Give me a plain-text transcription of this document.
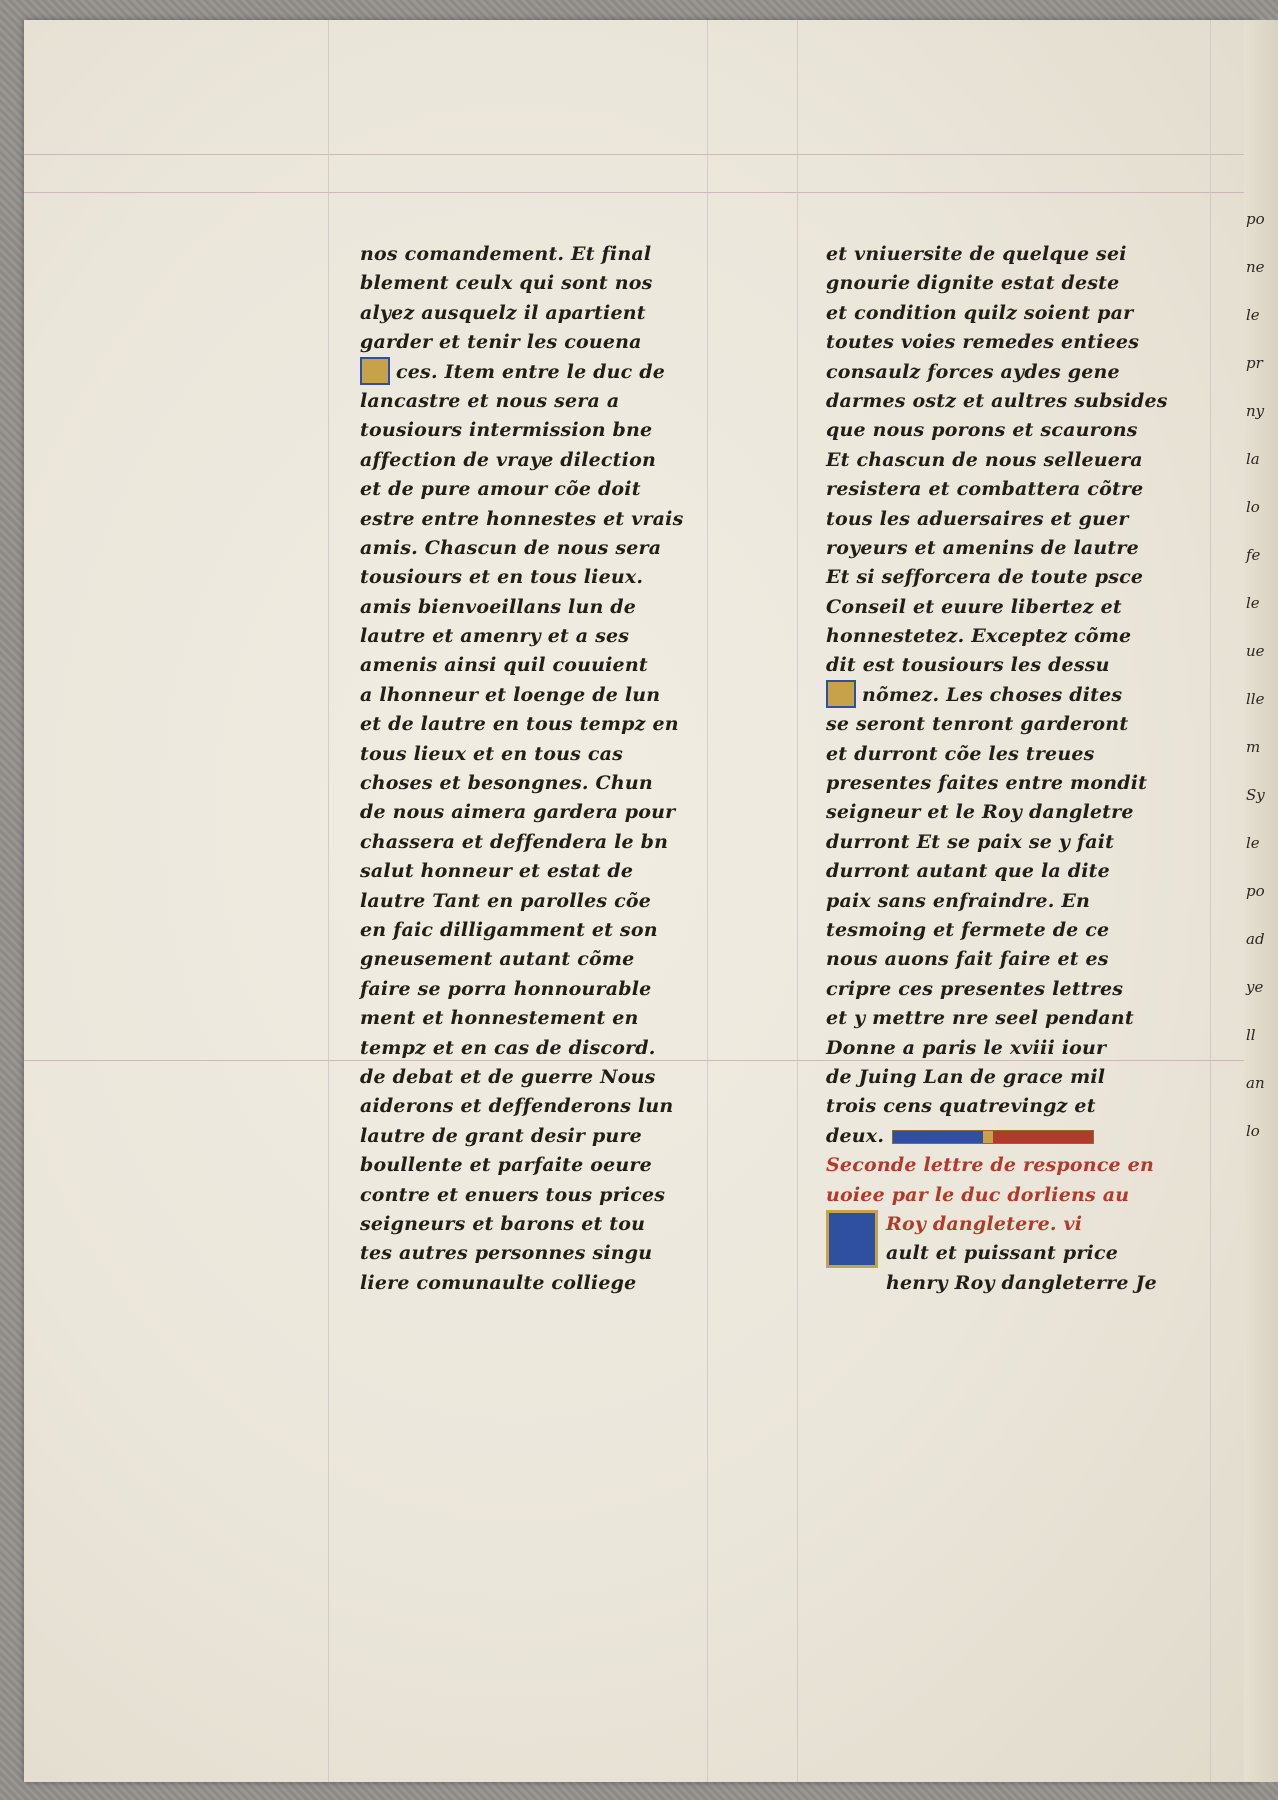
po
ne
le
pr
ny
la
lo
fe
le
ue
lle
m
Sy
le
po
ad
ye
ll
an
lo
nos comandement. Et final
blement ceulx qui sont nos
alyez ausquelz il apartient
garder et tenir les couena
ces. Item entre le duc de
lancastre et nous sera a
tousiours intermission bne
affection de vraye dilection
et de pure amour cõe doit
estre entre honnestes et vrais
amis. Chascun de nous sera
tousiours et en tous lieux.
amis bienvoeillans lun de
lautre et amenry et a ses
amenis ainsi quil couuient
a lhonneur et loenge de lun
et de lautre en tous tempz en
tous lieux et en tous cas
choses et besongnes. Chun
de nous aimera gardera pour
chassera et deffendera le bn
salut honneur et estat de
lautre Tant en parolles cõe
en faic dilligamment et son
gneusement autant cõme
faire se porra honnourable
ment et honnestement en
tempz et en cas de discord.
de debat et de guerre Nous
aiderons et deffenderons lun
lautre de grant desir pure
boullente et parfaite oeure
contre et enuers tous prices
seigneurs et barons et tou
tes autres personnes singu
liere comunaulte colliege
et vniuersite de quelque sei
gnourie dignite estat deste
et condition quilz soient par
toutes voies remedes entiees
consaulz forces aydes gene
darmes ostz et aultres subsides
que nous porons et scaurons
Et chascun de nous selleuera
resistera et combattera cõtre
tous les aduersaires et guer
royeurs et amenins de lautre
Et si sefforcera de toute psce
Conseil et euure libertez et
honnestetez. Exceptez cõme
dit est tousiours les dessu
nõmez. Les choses dites
se seront tenront garderont
et durront cõe les treues
presentes faites entre mondit
seigneur et le Roy dangletre
durront Et se paix se y fait
durront autant que la dite
paix sans enfraindre. En
tesmoing et fermete de ce
nous auons fait faire et es
cripre ces presentes lettres
et y mettre nre seel pendant
Donne a paris le xviii iour
de Juing Lan de grace mil
trois cens quatrevingz et
deux.
Seconde lettre de responce en
uoiee par le duc dorliens au
Roy dangletere. vi
ault et puissant price
henry Roy dangleterre Je
